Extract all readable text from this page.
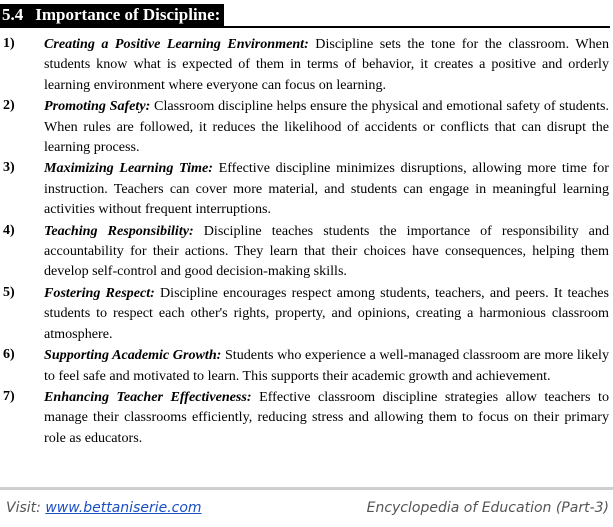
5.4 Importance of Discipline:
1) Creating a Positive Learning Environment: Discipline sets the tone for the classroom. When students know what is expected of them in terms of behavior, it creates a positive and orderly learning environment where everyone can focus on learning.
2) Promoting Safety: Classroom discipline helps ensure the physical and emotional safety of students. When rules are followed, it reduces the likelihood of accidents or conflicts that can disrupt the learning process.
3) Maximizing Learning Time: Effective discipline minimizes disruptions, allowing more time for instruction. Teachers can cover more material, and students can engage in meaningful learning activities without frequent interruptions.
4) Teaching Responsibility: Discipline teaches students the importance of responsibility and accountability for their actions. They learn that their choices have consequences, helping them develop self-control and good decision-making skills.
5) Fostering Respect: Discipline encourages respect among students, teachers, and peers. It teaches students to respect each other's rights, property, and opinions, creating a harmonious classroom atmosphere.
6) Supporting Academic Growth: Students who experience a well-managed classroom are more likely to feel safe and motivated to learn. This supports their academic growth and achievement.
7) Enhancing Teacher Effectiveness: Effective classroom discipline strategies allow teachers to manage their classrooms efficiently, reducing stress and allowing them to focus on their primary role as educators.
Visit: www.bettaniserie.com	Encyclopedia of Education (Part-3)
